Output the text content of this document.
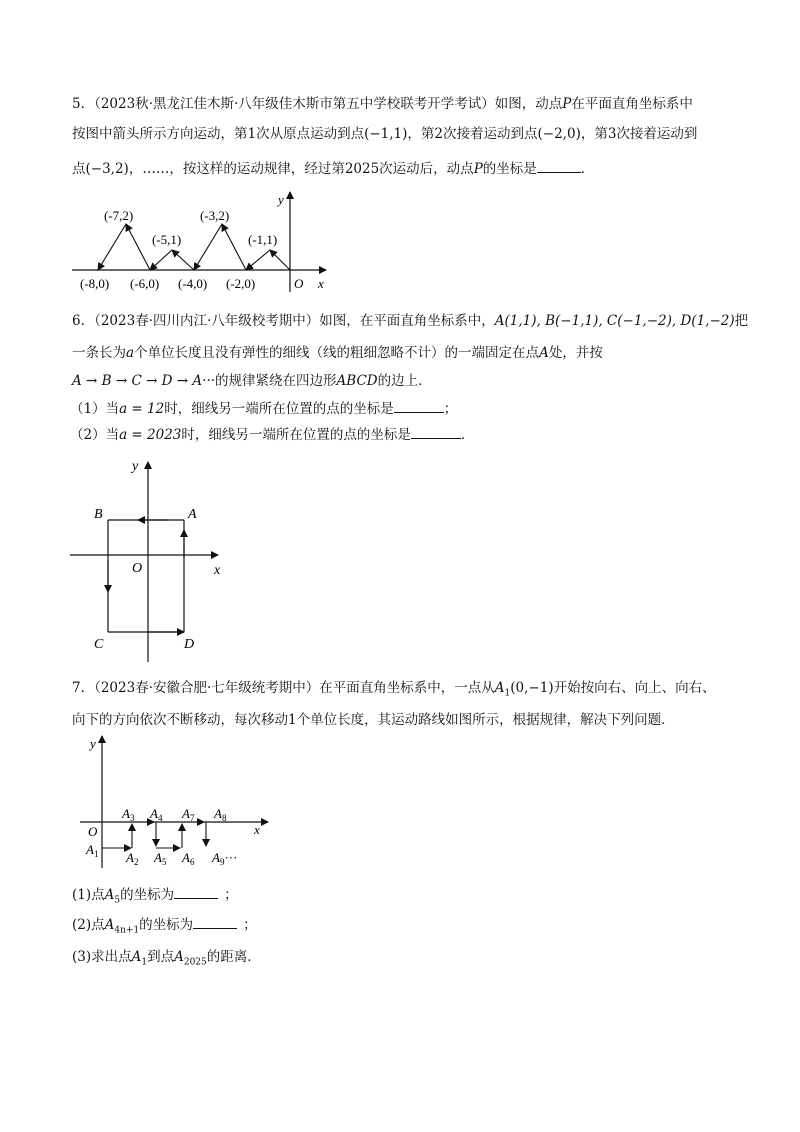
5．（2023秋·黑龙江佳木斯·八年级佳木斯市第五中学校联考开学考试）如图，动点P在平面直角坐标系中
按图中箭头所示方向运动，第1次从原点运动到点(−1,1)，第2次接着运动到点(−2,0)，第3次接着运动到
点(−3,2)，……，按这样的运动规律，经过第2025次运动后，动点P的坐标是	．
(-7,2)	(-3,2)
(-5,1)	(-1,1)
(-8,0) (-6,0) (-4,0) (-2,0)	O x
y
6．（2023春·四川内江·八年级校考期中）如图，在平面直角坐标系中，A(1,1), B(−1,1), C(−1,−2), D(1,−2)把
一条长为a个单位长度且没有弹性的细线（线的粗细忽略不计）的一端固定在点A处，并按
A → B → C → D → A···的规律紧绕在四边形ABCD的边上．
（1）当a = 12时，细线另一端所在位置的点的坐标是	；
（2）当a = 2023时，细线另一端所在位置的点的坐标是	．
A
B
C	D
O	x
y
7．（2023春·安徽合肥·七年级统考期中）在平面直角坐标系中，一点从$A_1(0,-1)$开始按向右、向上、向右、
向下的方向依次不断移动，每次移动1个单位长度，其运动路线如图所示，根据规律，解决下列问题．
x
y
O
$A_1$ $A_2$
$A_3$ $A_4$
$A_5$ $A_6$
$A_7$ $A_8$
$A_9\cdot\cdot\cdot$
(1)点$A_5$的坐标为	；
(2)点$A_{4n+1}$的坐标为	；
(3)求出点$A_1$到点$A_{2025}$的距离．
